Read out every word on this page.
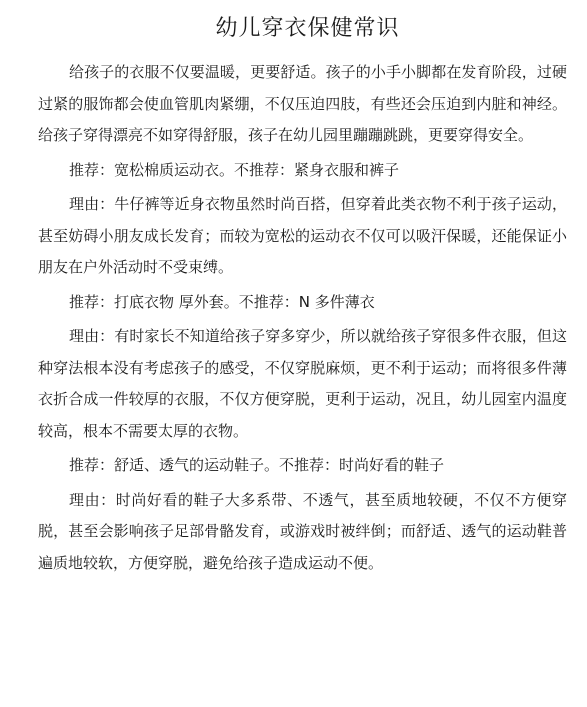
幼儿穿衣保健常识

给孩子的衣服不仅要温暖，更要舒适。孩子的小手小脚都在发育阶段，过硬过紧的服饰都会使血管肌肉紧绷，不仅压迫四肢，有些还会压迫到内脏和神经。给孩子穿得漂亮不如穿得舒服，孩子在幼儿园里蹦蹦跳跳，更要穿得安全。

推荐：宽松棉质运动衣。不推荐：紧身衣服和裤子

理由：牛仔裤等近身衣物虽然时尚百搭，但穿着此类衣物不利于孩子运动，甚至妨碍小朋友成长发育；而较为宽松的运动衣不仅可以吸汗保暖，还能保证小朋友在户外活动时不受束缚。

推荐：打底衣物 厚外套。不推荐：N 多件薄衣

理由：有时家长不知道给孩子穿多穿少，所以就给孩子穿很多件衣服，但这种穿法根本没有考虑孩子的感受，不仅穿脱麻烦，更不利于运动；而将很多件薄衣折合成一件较厚的衣服，不仅方便穿脱，更利于运动，况且，幼儿园室内温度较高，根本不需要太厚的衣物。

推荐：舒适、透气的运动鞋子。不推荐：时尚好看的鞋子

理由：时尚好看的鞋子大多系带、不透气，甚至质地较硬，不仅不方便穿脱，甚至会影响孩子足部骨骼发育，或游戏时被绊倒；而舒适、透气的运动鞋普遍质地较软，方便穿脱，避免给孩子造成运动不便。
